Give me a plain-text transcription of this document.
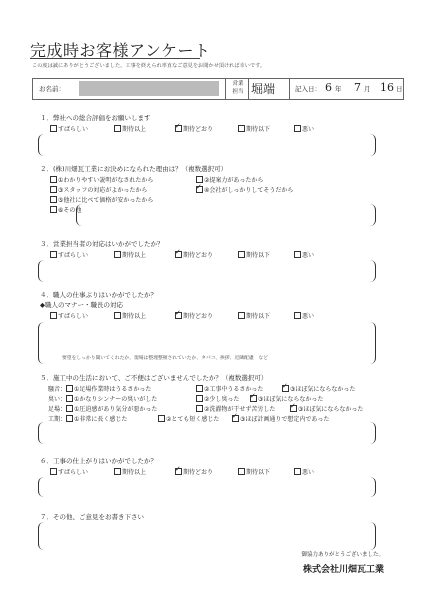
完成時お客様アンケート
この度は誠にありがとうございました。工事を終えられ率直なご意見をお聞かせ頂ければ幸いです。
お名前：
営業
担当 堀端	記入日： 6 年 7 月 16 日
１．弊社への総合評価をお願いします
すばらしい	期待以上 ✓	期待どおり	期待以下	悪い
２．(株)川畑瓦工業にお決めになられた理由は？（複数選択可）
①わかりやすい説明がなされたから	②提案力があったから
③スタッフの対応がよかったから ✓	④会社がしっかりしてそうだから
⑤他社に比べて価格が安かったから
⑥その他
３．営業担当者の対応はいかがでしたか？
すばらしい	期待以上 ✓	期待どおり	期待以下	悪い
４．職人の仕事ぶりはいかがでしたか？
◆職人のマナー・職長の対応
すばらしい	期待以上 ✓	期待どおり	期待以下	悪い
要望をしっかり聞いてくれたか、現場は整理整頓されていたか、タバコ、挨拶、近隣配慮　など
５．施工中の生活において、ご不便はございませんでしたか？（複数選択可）
騒音： ①足場作業時はうるさかった	②工事中うるさかった ✓	③ほぼ気にならなかった
臭い： ①かなりシンナーの臭いがした	②少し臭った ✓	③ほぼ気にならなかった
足場： ①圧迫感があり気分が悪かった	②洗濯物が干せず苦労した ✓	③ほぼ気にならなかった
工期： ①非常に長く感じた	②とても短く感じた ✓	③ほぼ計画通りで想定内であった
６．工事の仕上がりはいかがでしたか？
すばらしい	期待以上 ✓	期待どおり	期待以下	悪い
７．その他、ご意見をお書き下さい
御協力ありがとうございました。
株式会社川畑瓦工業
